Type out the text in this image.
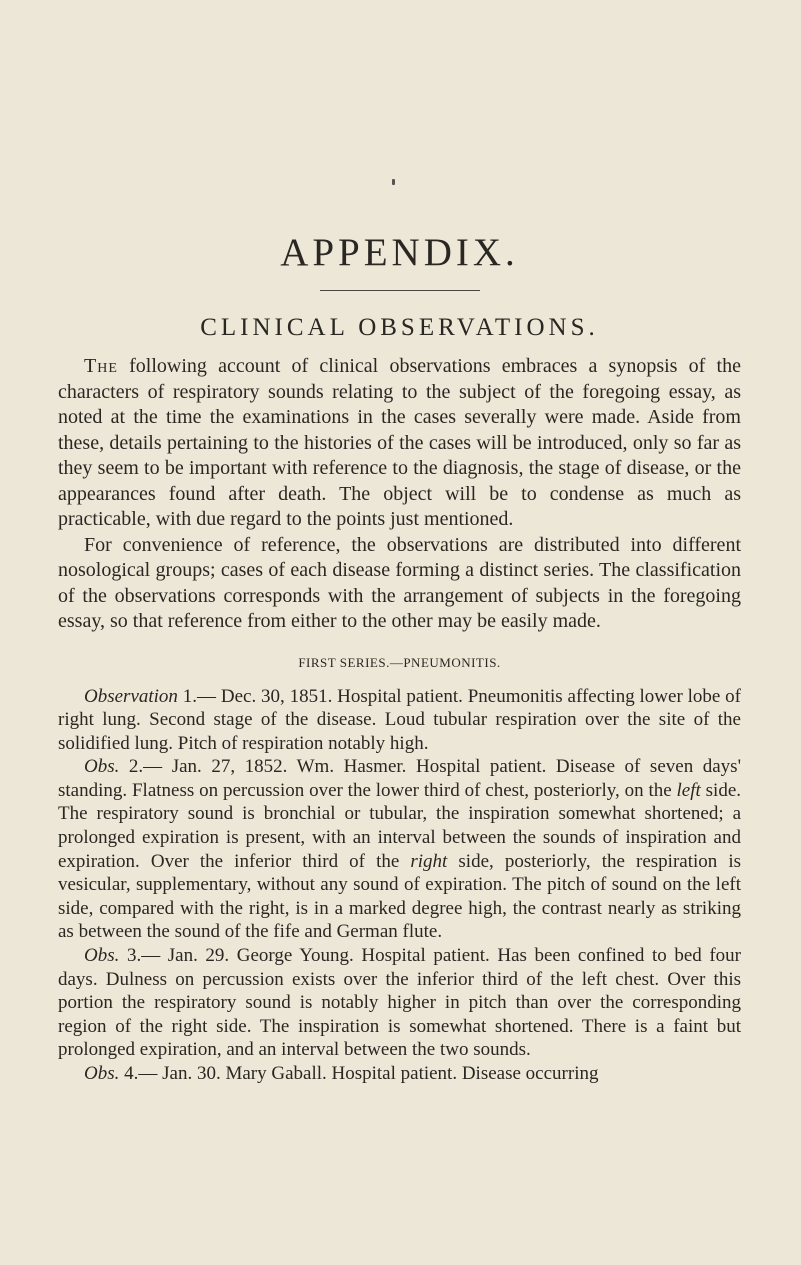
APPENDIX.
CLINICAL OBSERVATIONS.

The following account of clinical observations embraces a synopsis of the characters of respiratory sounds relating to the subject of the foregoing essay, as noted at the time the examinations in the cases severally were made. Aside from these, details pertaining to the histories of the cases will be introduced, only so far as they seem to be important with reference to the diagnosis, the stage of disease, or the appearances found after death. The object will be to condense as much as practicable, with due regard to the points just mentioned.

For convenience of reference, the observations are distributed into different nosological groups; cases of each disease forming a distinct series. The classification of the observations corresponds with the arrangement of subjects in the foregoing essay, so that reference from either to the other may be easily made.

FIRST SERIES.—PNEUMONITIS.

Observation 1.— Dec. 30, 1851. Hospital patient. Pneumonitis affecting lower lobe of right lung. Second stage of the disease. Loud tubular respiration over the site of the solidified lung. Pitch of respiration notably high.

Obs. 2.— Jan. 27, 1852. Wm. Hasmer. Hospital patient. Disease of seven days' standing. Flatness on percussion over the lower third of chest, posteriorly, on the left side. The respiratory sound is bronchial or tubular, the inspiration somewhat shortened; a prolonged expiration is present, with an interval between the sounds of inspiration and expiration. Over the inferior third of the right side, posteriorly, the respiration is vesicular, supplementary, without any sound of expiration. The pitch of sound on the left side, compared with the right, is in a marked degree high, the contrast nearly as striking as between the sound of the fife and German flute.

Obs. 3.— Jan. 29. George Young. Hospital patient. Has been confined to bed four days. Dulness on percussion exists over the inferior third of the left chest. Over this portion the respiratory sound is notably higher in pitch than over the corresponding region of the right side. The inspiration is somewhat shortened. There is a faint but prolonged expiration, and an interval between the two sounds.

Obs. 4.— Jan. 30. Mary Gaball. Hospital patient. Disease occurring
